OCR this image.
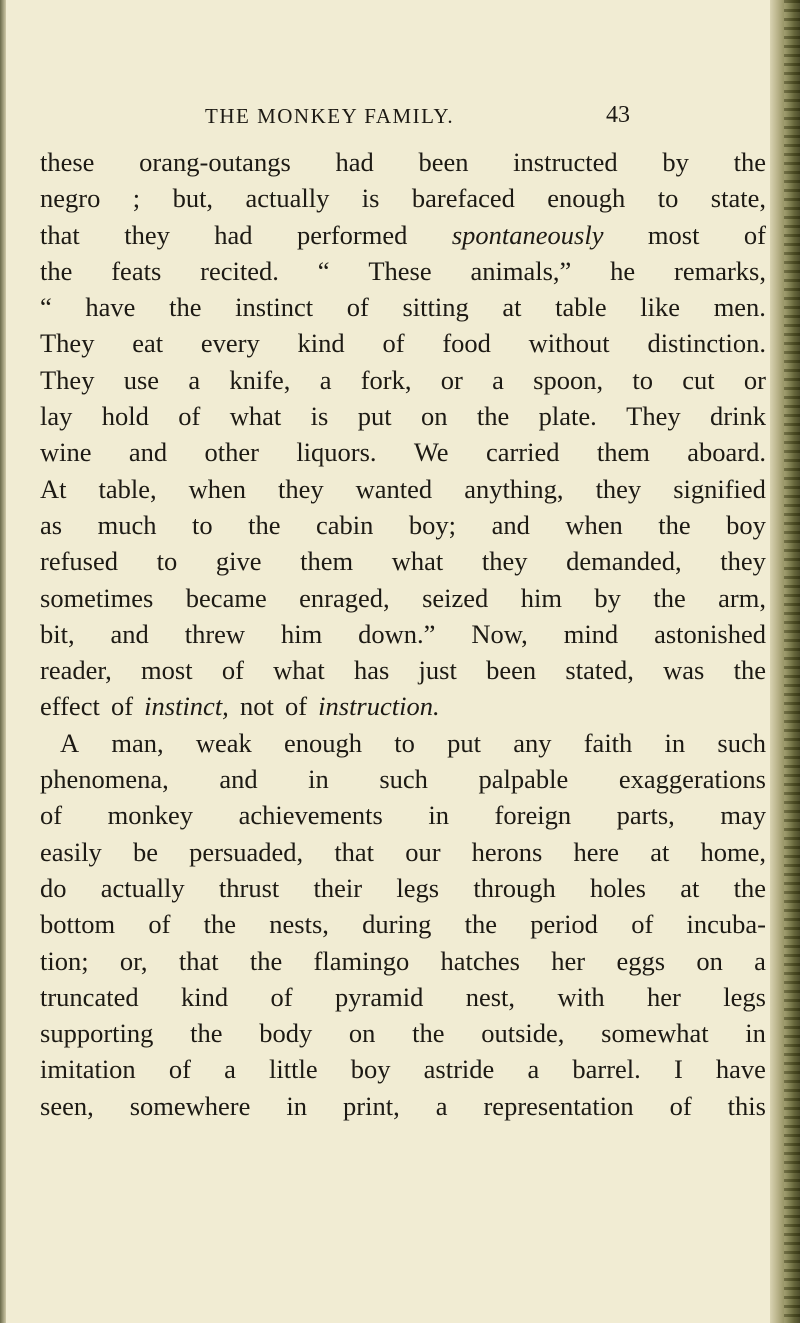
THE MONKEY FAMILY.	43
these orang-outangs had been instructed by the
negro ; but, actually is barefaced enough to state,
that they had performed spontaneously most of
the feats recited. “ These animals,” he remarks,
“ have the instinct of sitting at table like men.
They eat every kind of food without distinction.
They use a knife, a fork, or a spoon, to cut or
lay hold of what is put on the plate. They drink
wine and other liquors. We carried them aboard.
At table, when they wanted anything, they signified
as much to the cabin boy; and when the boy
refused to give them what they demanded, they
sometimes became enraged, seized him by the arm,
bit, and threw him down.” Now, mind astonished
reader, most of what has just been stated, was the
effect of instinct, not of instruction.
A man, weak enough to put any faith in such
phenomena, and in such palpable exaggerations
of monkey achievements in foreign parts, may
easily be persuaded, that our herons here at home,
do actually thrust their legs through holes at the
bottom of the nests, during the period of incuba-
tion; or, that the flamingo hatches her eggs on a
truncated kind of pyramid nest, with her legs
supporting the body on the outside, somewhat in
imitation of a little boy astride a barrel. I have
seen, somewhere in print, a representation of this
